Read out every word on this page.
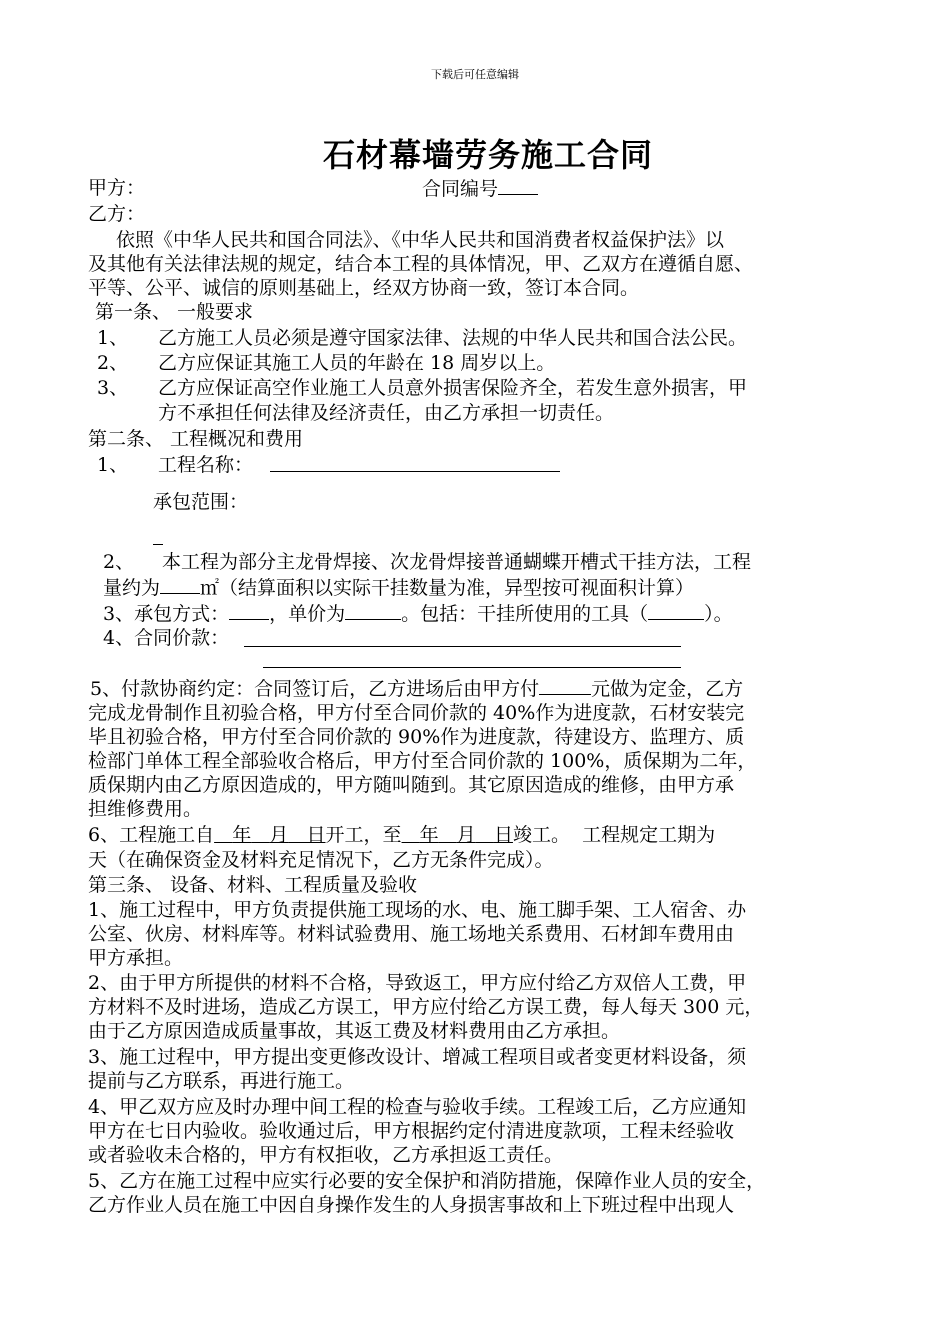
下载后可任意编辑
石材幕墙劳务施工合同
甲方：	合同编号
乙方：
依照《中华人民共和国合同法》、《中华人民共和国消费者权益保护法》以
及其他有关法律法规的规定，结合本工程的具体情况，甲、乙双方在遵循自愿、
平等、公平、诚信的原则基础上，经双方协商一致，签订本合同。
第一条、 一般要求
1、 乙方施工人员必须是遵守国家法律、法规的中华人民共和国合法公民。
2、 乙方应保证其施工人员的年龄在 18 周岁以上。
3、 乙方应保证高空作业施工人员意外损害保险齐全，若发生意外损害，甲
方不承担任何法律及经济责任，由乙方承担一切责任。
第二条、 工程概况和费用
1、 工程名称：
承包范围：
2、 本工程为部分主龙骨焊接、次龙骨焊接普通蝴蝶开槽式干挂方法，工程
量约为 ㎡（结算面积以实际干挂数量为准，异型按可视面积计算）
3、承包方式： ，单价为	。包括：干挂所使用的工具（	）。
4、合同价款：
5、付款协商约定：合同签订后，乙方进场后由甲方付	元做为定金，乙方
完成龙骨制作且初验合格，甲方付至合同价款的 40%作为进度款，石材安装完
毕且初验合格，甲方付至合同价款的 90%作为进度款，待建设方、监理方、质
检部门单体工程全部验收合格后，甲方付至合同价款的 100%，质保期为二年，
质保期内由乙方原因造成的，甲方随叫随到。其它原因造成的维修，由甲方承
担维修费用。
6、工程施工自 年 月 日开工，至 年 月 日竣工。 工程规定工期为
天（在确保资金及材料充足情况下，乙方无条件完成）。
第三条、 设备、材料、工程质量及验收
1、施工过程中，甲方负责提供施工现场的水、电、施工脚手架、工人宿舍、办
公室、伙房、材料库等。材料试验费用、施工场地关系费用、石材卸车费用由
甲方承担。
2、由于甲方所提供的材料不合格，导致返工，甲方应付给乙方双倍人工费，甲
方材料不及时进场，造成乙方误工，甲方应付给乙方误工费，每人每天 300 元，
由于乙方原因造成质量事故，其返工费及材料费用由乙方承担。
3、施工过程中，甲方提出变更修改设计、增减工程项目或者变更材料设备，须
提前与乙方联系，再进行施工。
4、甲乙双方应及时办理中间工程的检查与验收手续。工程竣工后，乙方应通知
甲方在七日内验收。验收通过后，甲方根据约定付清进度款项，工程未经验收
或者验收未合格的，甲方有权拒收，乙方承担返工责任。
5、乙方在施工过程中应实行必要的安全保护和消防措施，保障作业人员的安全，
乙方作业人员在施工中因自身操作发生的人身损害事故和上下班过程中出现人
